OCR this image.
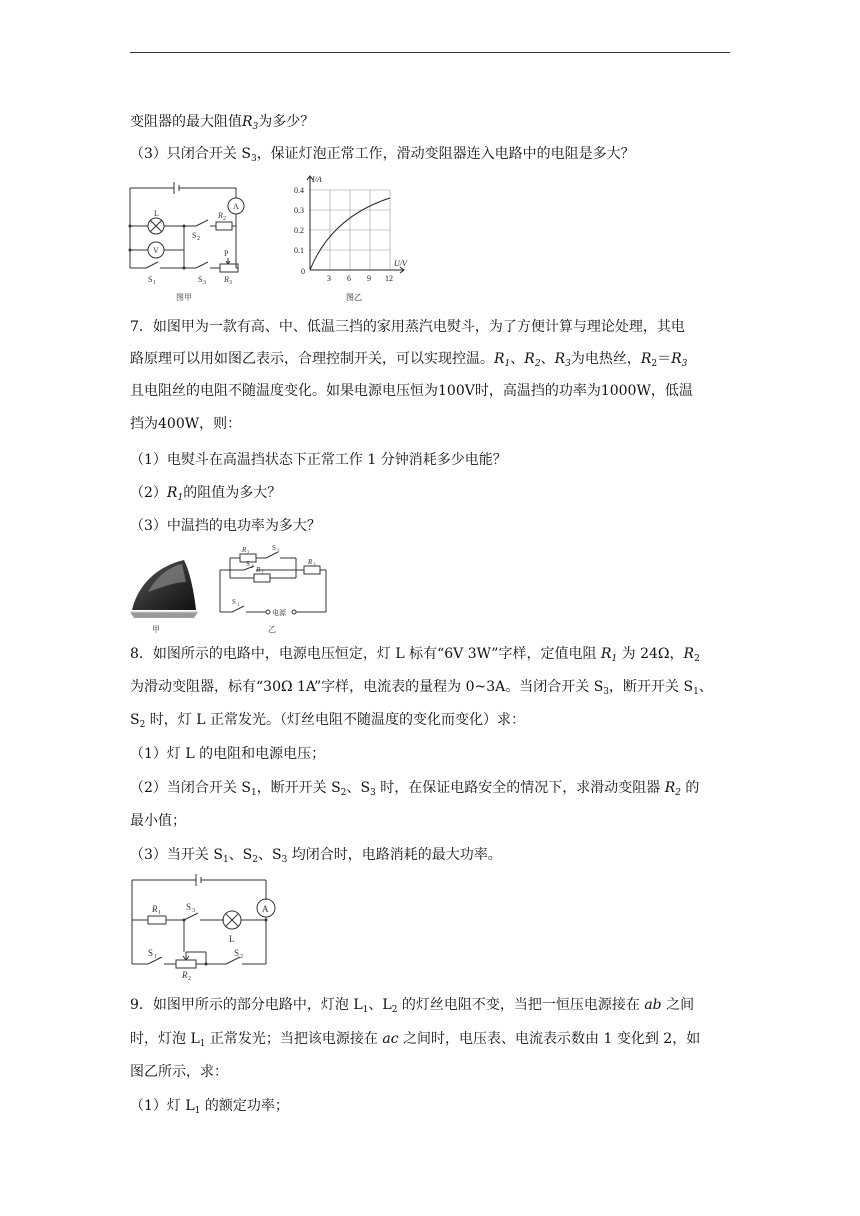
变阻器的最大阻值$R_3$为多少？
（3）只闭合开关 $S_3$，保证灯泡正常工作，滑动变阻器连入电路中的电阻是多大？
L
V
A
R 2
S 2
P
S 1	S 3 R 3
图甲
I/A
U/V
0.4
0.3
0.2
0.1
0
3 6 9 12
图乙
7．如图甲为一款有高、中、低温三挡的家用蒸汽电熨斗，为了方便计算与理论处理，其电
路原理可以用如图乙表示，合理控制开关，可以实现控温。$R_1$、$R_2$、$R_3$为电热丝，$R_2=R_3$
且电阻丝的电阻不随温度变化。如果电源电压恒为100V时，高温挡的功率为1000W，低温
挡为400W，则：
（1）电熨斗在高温挡状态下正常工作 1 分钟消耗多少电能？
$(2)R_1$的阻值为多大？
（3）中温挡的电功率为多大？
甲
R 2
S 3
S 2 R 1
R 3
S 1
电源
乙
8．如图所示的电路中，电源电压恒定，灯 L 标有“6V 3W”字样，定值电阻 $R_1$ 为 24Ω，$R_2$
为滑动变阻器，标有“30Ω 1A”字样，电流表的量程为 0~3A。当闭合开关 $S_3$，断开开关 $S_1$、
$S_2$ 时，灯 L 正常发光。（灯丝电阻不随温度的变化而变化）求：
（1）灯 L 的电阻和电源电压；
（2）当闭合开关 $S_1$，断开开关 $S_2$、$S_3$ 时，在保证电路安全的情况下，求滑动变阻器 $R_2$ 的
最小值；
（3）当开关 $S_1$、$S_2$、$S_3$ 均闭合时，电路消耗的最大功率。
A
R 1
S 3
L
S 1
R 2
S 2
9．如图甲所示的部分电路中，灯泡 $L_1$、$L_2$ 的灯丝电阻不变，当把一恒压电源接在 ab 之间
时，灯泡 $L_1$ 正常发光；当把该电源接在 ac 之间时，电压表、电流表示数由 1 变化到 2，如
图乙所示，求：
（1）灯 $L_1$ 的额定功率；
